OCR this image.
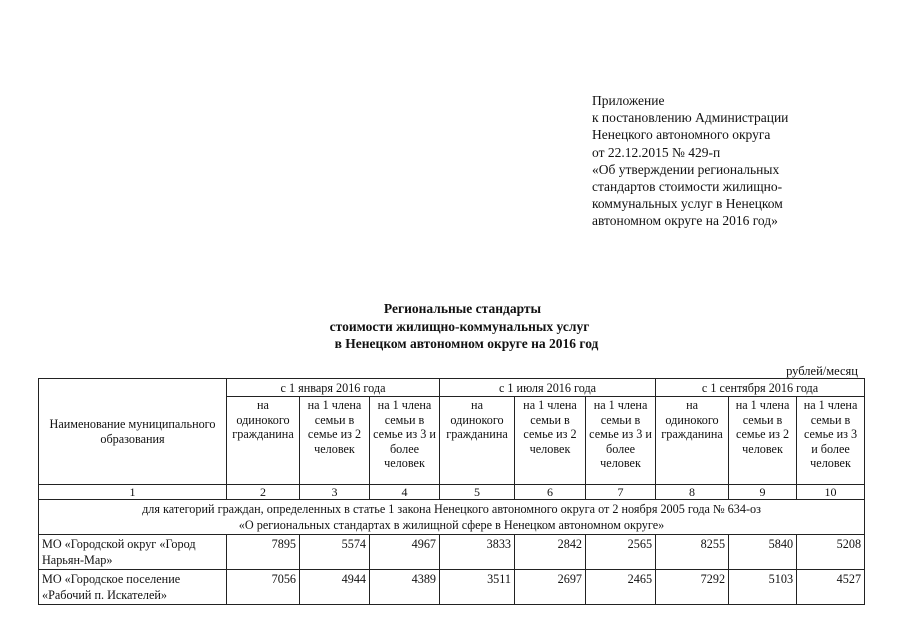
Приложение
к постановлению Администрации
Ненецкого автономного округа
от 22.12.2015 № 429-п
«Об утверждении региональных
стандартов стоимости жилищно-
коммунальных услуг в Ненецком
автономном округе на 2016 год»
Региональные стандарты
стоимости жилищно-коммунальных услуг
в Ненецком автономном округе на 2016 год
рублей/месяц
Наименование муниципального образования	с 1 января 2016 года			с 1 июля 2016 года			с 1 сентября 2016 года		
	на одинокого гражданина	на 1 члена семьи в семье из 2 человек	на 1 члена семьи в семье из 3 и более человек	на одинокого гражданина	на 1 члена семьи в семье из 2 человек	на 1 члена семьи в семье из 3 и более человек	на одинокого гражданина	на 1 члена семьи в семье из 2 человек	на 1 члена семьи в семье из 3 и более человек
1	2	3	4	5	6	7	8	9	10

для категорий граждан, определенных в статье 1 закона Ненецкого автономного округа от 2 ноября 2005 года № 634-оз
«О региональных стандартах в жилищной сфере в Ненецком автономном округе»									

МО «Городской округ «Город Нарьян-Мар»	7895	5574	4967	3833	2842	2565	8255	5840	5208
МО «Городское поселение «Рабочий п. Искателей»	7056	4944	4389	3511	2697	2465	7292	5103	4527
